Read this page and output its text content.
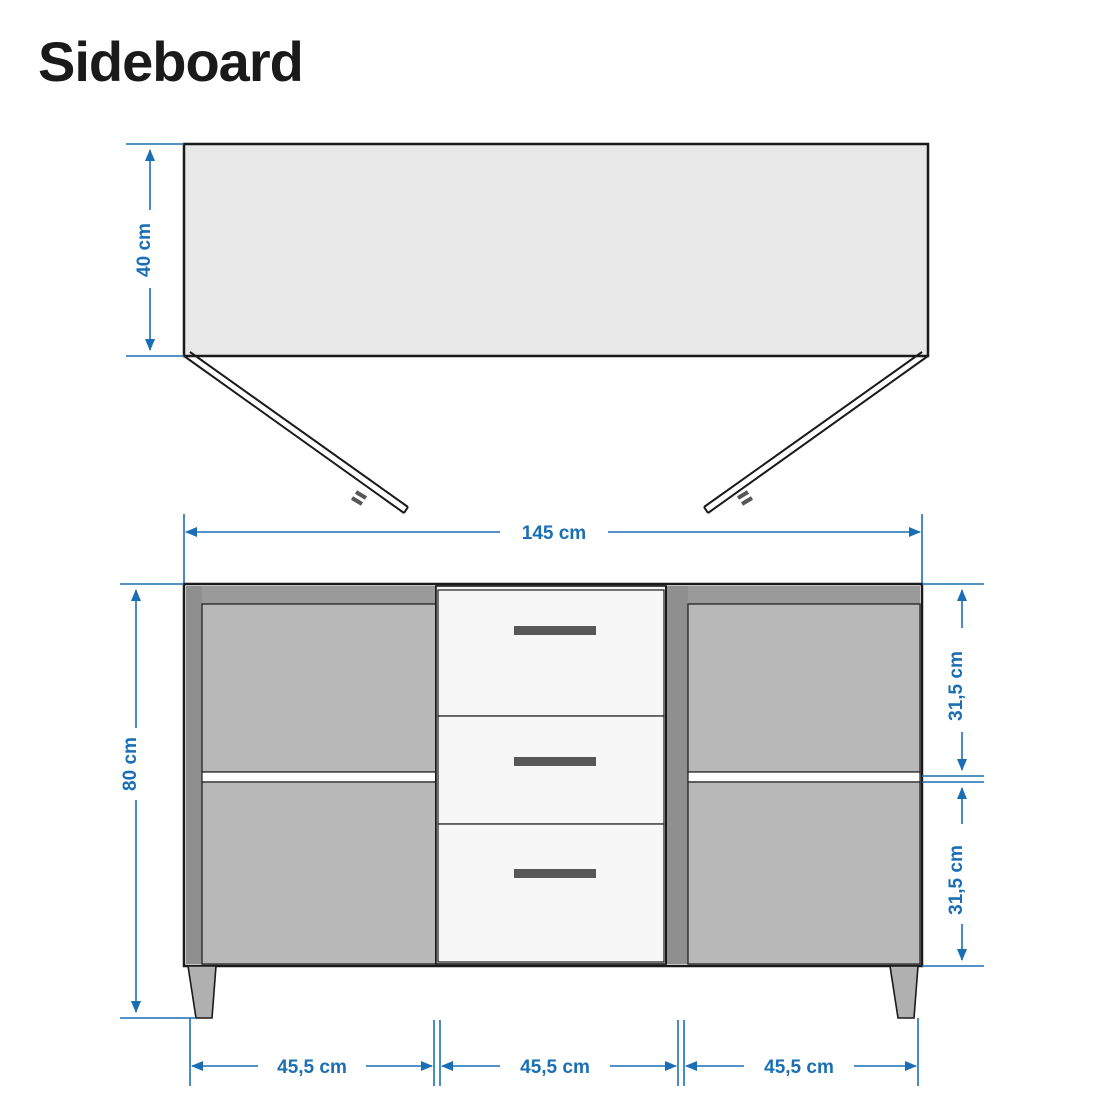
Sideboard
40 cm
145 cm
80 cm
31,5 cm
31,5 cm
45,5 cm	45,5 cm	45,5 cm
